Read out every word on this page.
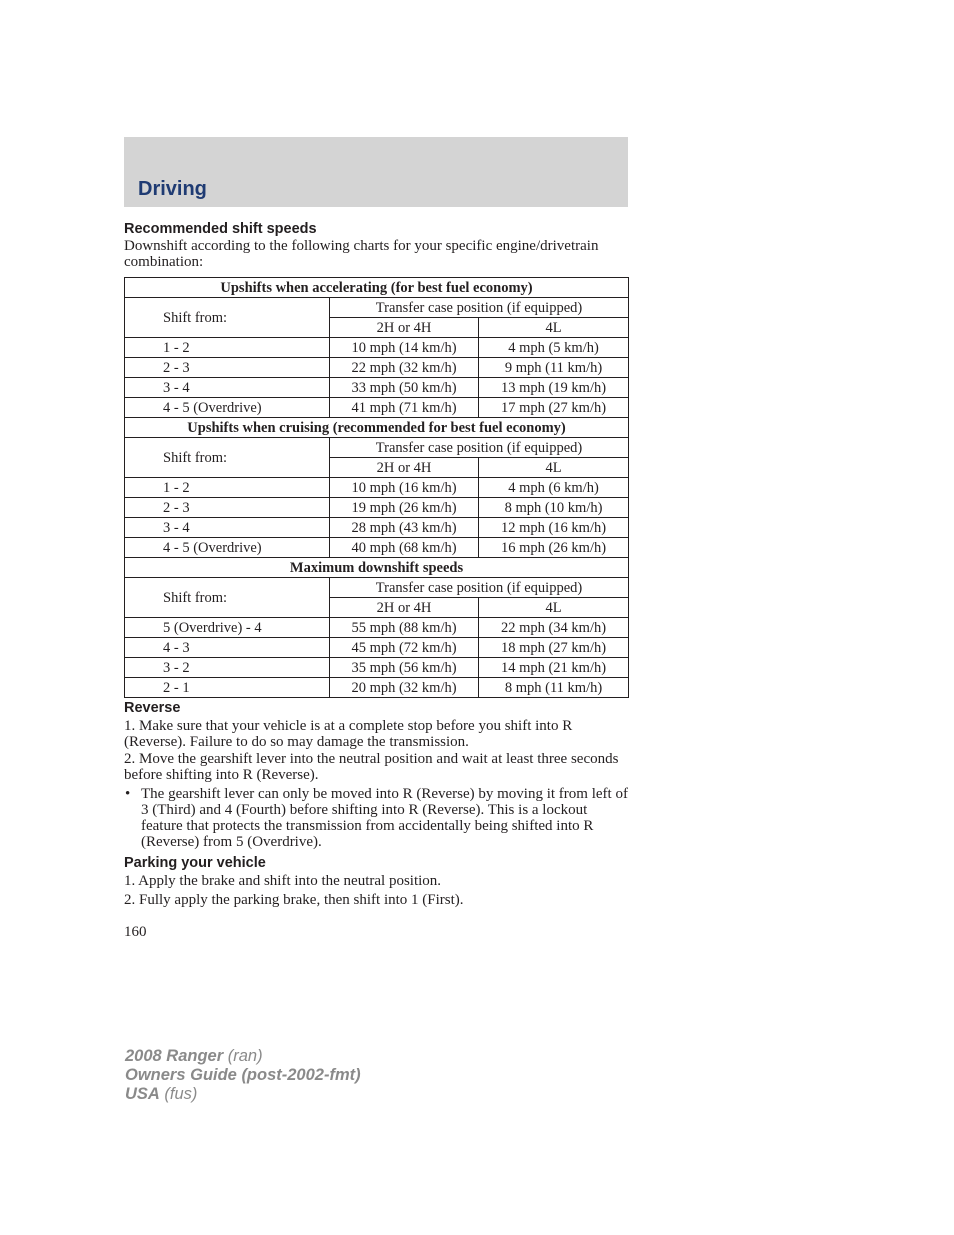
Driving
Recommended shift speeds

Downshift according to the following charts for your specific engine/drivetrain combination:

Upshifts when accelerating (for best fuel economy)		
Shift from:	Transfer case position (if equipped)	
	2H or 4H	4L
1 - 2	10 mph (14 km/h)	4 mph (5 km/h)
2 - 3	22 mph (32 km/h)	9 mph (11 km/h)
3 - 4	33 mph (50 km/h)	13 mph (19 km/h)
4 - 5 (Overdrive)	41 mph (71 km/h)	17 mph (27 km/h)
Upshifts when cruising (recommended for best fuel economy)		
Shift from:	Transfer case position (if equipped)	
	2H or 4H	4L
1 - 2	10 mph (16 km/h)	4 mph (6 km/h)
2 - 3	19 mph (26 km/h)	8 mph (10 km/h)
3 - 4	28 mph (43 km/h)	12 mph (16 km/h)
4 - 5 (Overdrive)	40 mph (68 km/h)	16 mph (26 km/h)
Maximum downshift speeds		
Shift from:	Transfer case position (if equipped)	
	2H or 4H	4L
5 (Overdrive) - 4	55 mph (88 km/h)	22 mph (34 km/h)
4 - 3	45 mph (72 km/h)	18 mph (27 km/h)
3 - 2	35 mph (56 km/h)	14 mph (21 km/h)
2 - 1	20 mph (32 km/h)	8 mph (11 km/h)
Reverse

1. Make sure that your vehicle is at a complete stop before you shift into R (Reverse). Failure to do so may damage the transmission.

2. Move the gearshift lever into the neutral position and wait at least three seconds before shifting into R (Reverse).

• The gearshift lever can only be moved into R (Reverse) by moving it from left of 3 (Third) and 4 (Fourth) before shifting into R (Reverse). This is a lockout feature that protects the transmission from accidentally being shifted into R (Reverse) from 5 (Overdrive).

Parking your vehicle

1. Apply the brake and shift into the neutral position.

2. Fully apply the parking brake, then shift into 1 (First).

160
2008 Ranger (ran)
Owners Guide (post-2002-fmt)
USA (fus)
